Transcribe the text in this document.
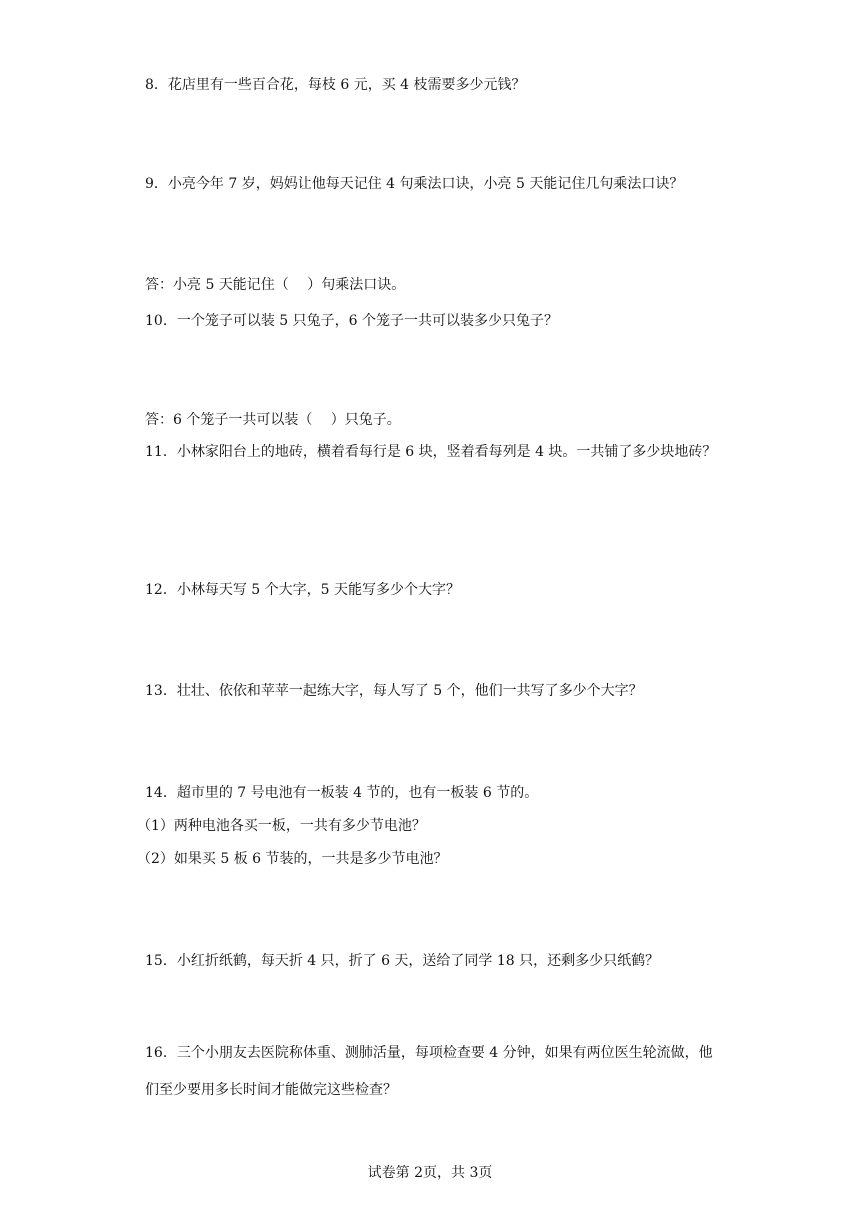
8．花店里有一些百合花，每枝 6 元，买 4 枝需要多少元钱？
9．小亮今年 7 岁，妈妈让他每天记住 4 句乘法口诀，小亮 5 天能记住几句乘法口诀？
答：小亮 5 天能记住（　 ）句乘法口诀。
10．一个笼子可以装 5 只兔子，6 个笼子一共可以装多少只兔子？
答：6 个笼子一共可以装（　 ）只兔子。
11．小林家阳台上的地砖，横着看每行是 6 块，竖着看每列是 4 块。一共铺了多少块地砖？
12．小林每天写 5 个大字，5 天能写多少个大字？
13．壮壮、依依和苹苹一起练大字，每人写了 5 个，他们一共写了多少个大字？
14．超市里的 7 号电池有一板装 4 节的，也有一板装 6 节的。
（1）两种电池各买一板，一共有多少节电池？
（2）如果买 5 板 6 节装的，一共是多少节电池？
15．小红折纸鹤，每天折 4 只，折了 6 天，送给了同学 18 只，还剩多少只纸鹤？
16．三个小朋友去医院称体重、测肺活量，每项检查要 4 分钟，如果有两位医生轮流做，他们至少要用多长时间才能做完这些检查？
试卷第 2页，共 3页
